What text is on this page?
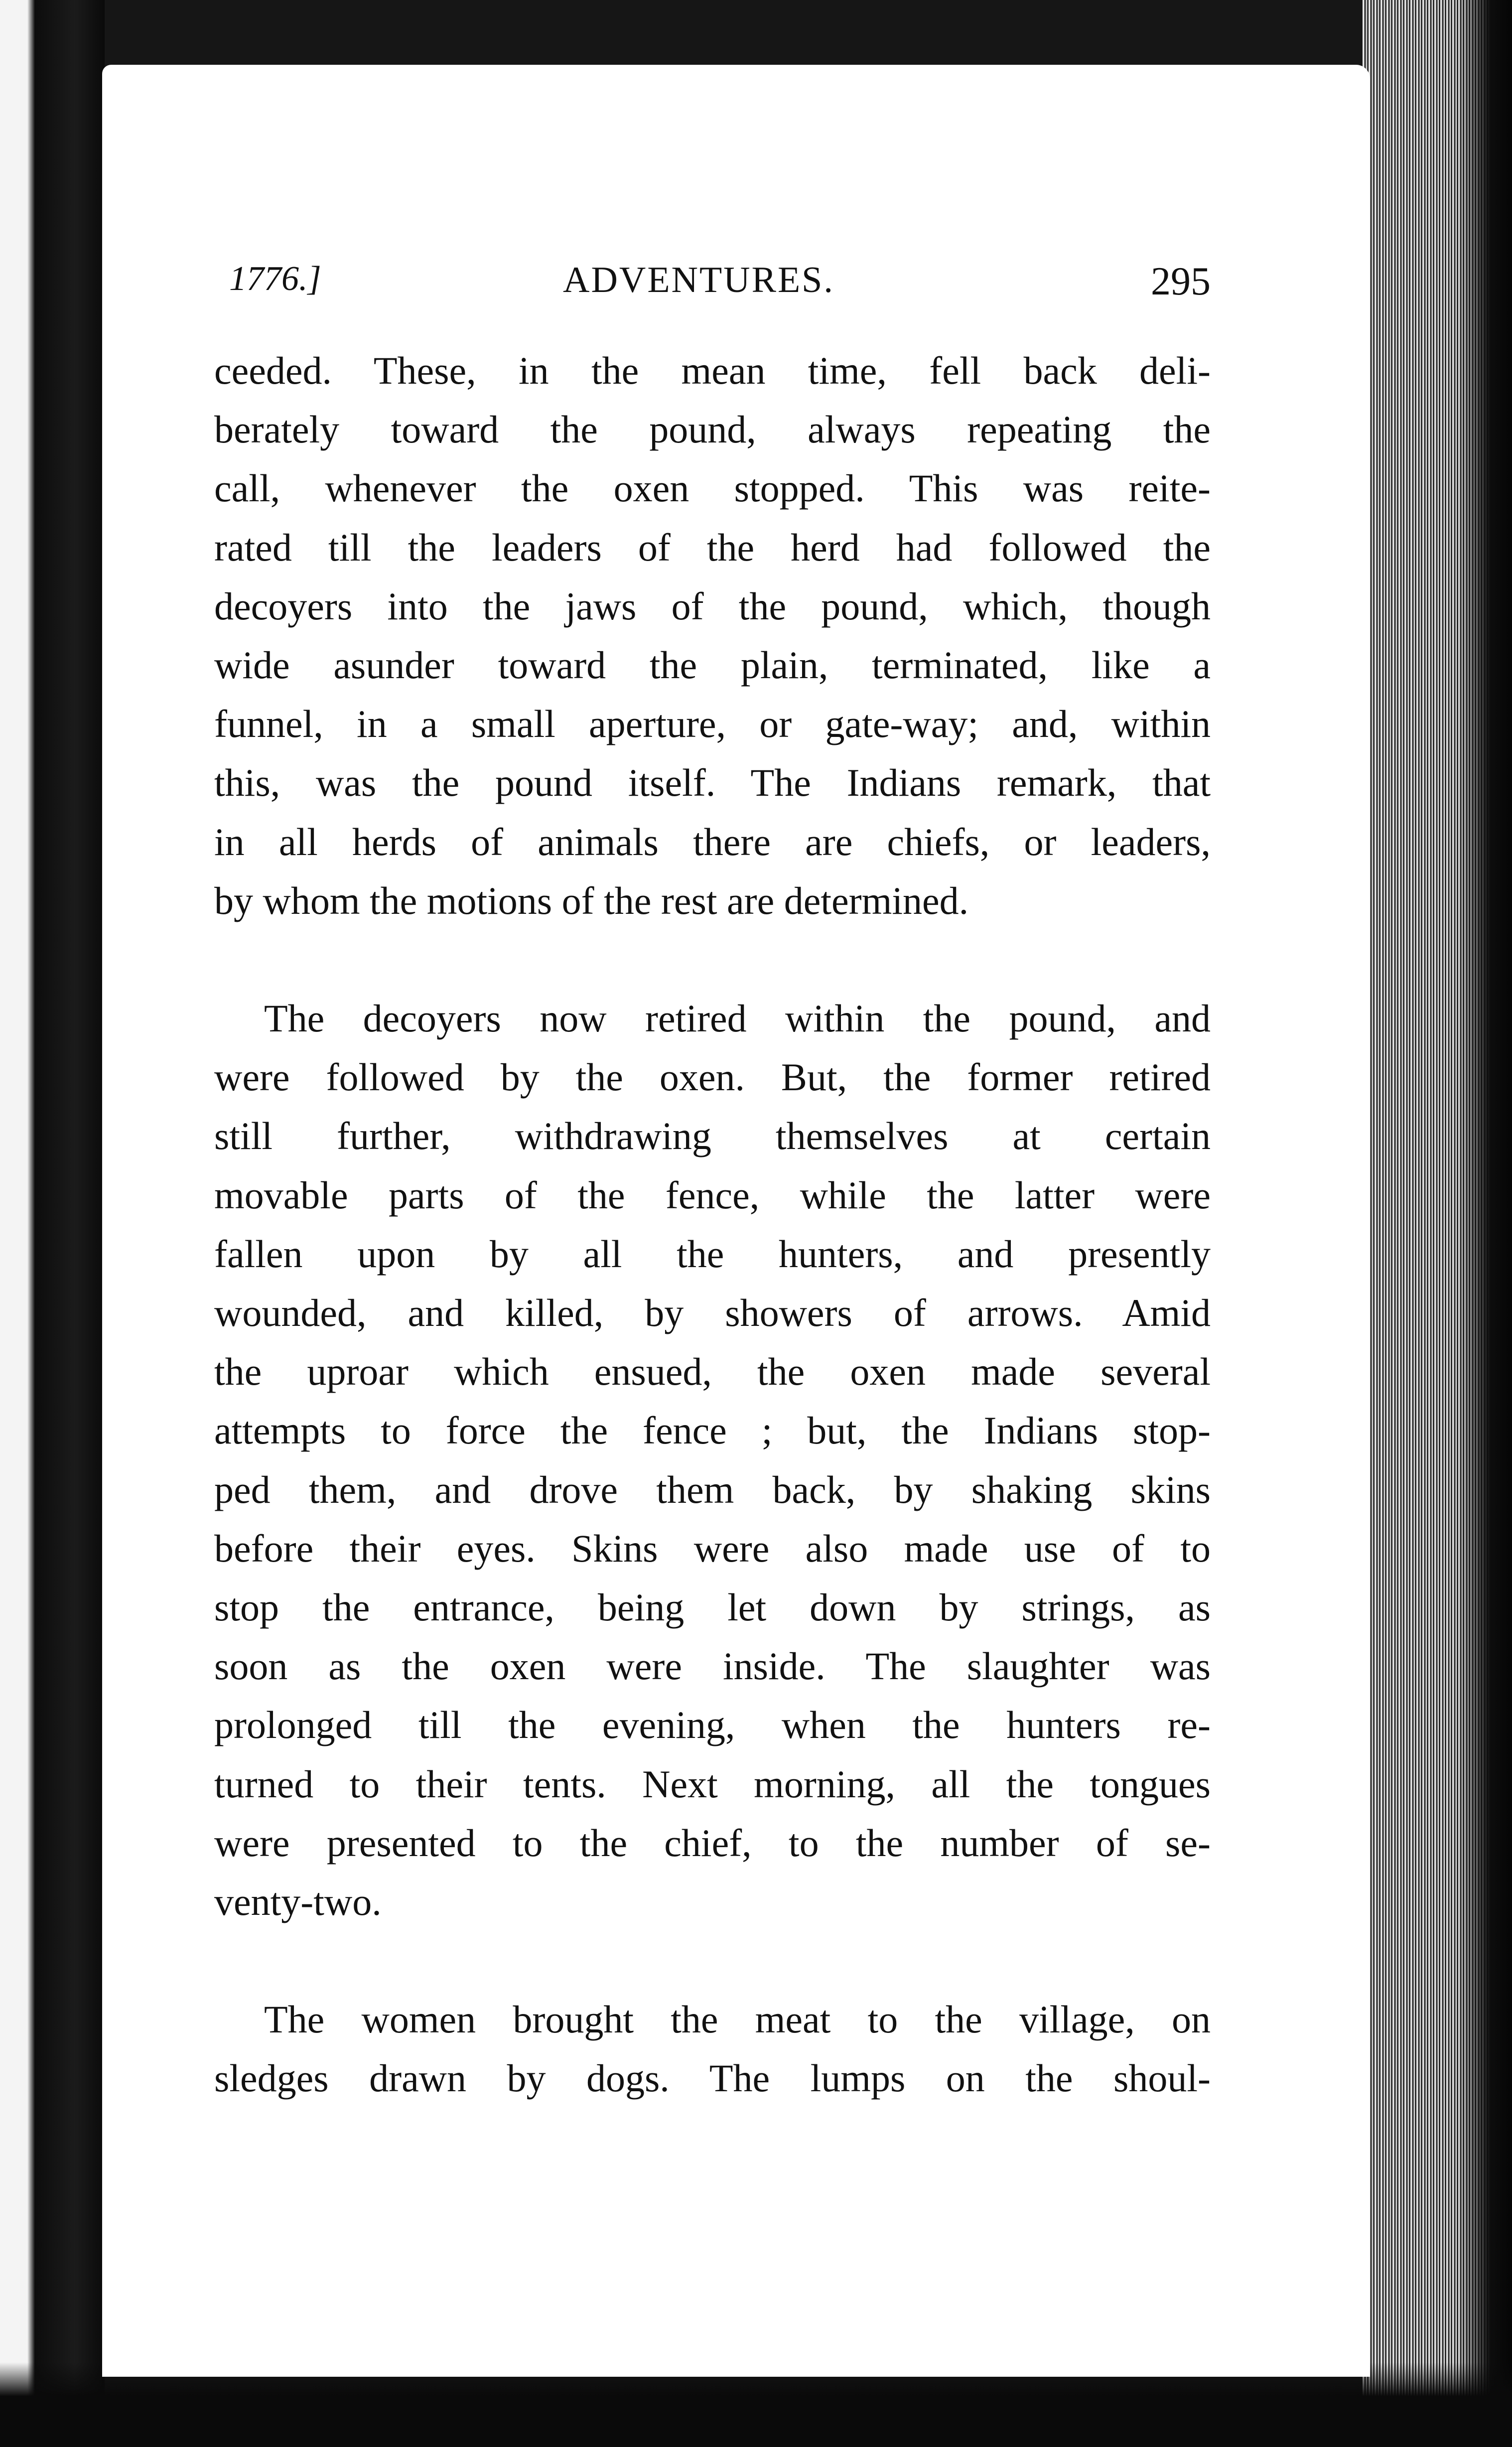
1776.]	ADVENTURES.	295

ceeded. These, in the mean time, fell back deli-
berately toward the pound, always repeating the
call, whenever the oxen stopped. This was reite-
rated till the leaders of the herd had followed the
decoyers into the jaws of the pound, which, though
wide asunder toward the plain, terminated, like a
funnel, in a small aperture, or gate-way; and, within
this, was the pound itself. The Indians remark, that
in all herds of animals there are chiefs, or leaders,
by whom the motions of the rest are determined.

The decoyers now retired within the pound, and
were followed by the oxen. But, the former retired
still further, withdrawing themselves at certain
movable parts of the fence, while the latter were
fallen upon by all the hunters, and presently
wounded, and killed, by showers of arrows. Amid
the uproar which ensued, the oxen made several
attempts to force the fence ; but, the Indians stop-
ped them, and drove them back, by shaking skins
before their eyes. Skins were also made use of to
stop the entrance, being let down by strings, as
soon as the oxen were inside. The slaughter was
prolonged till the evening, when the hunters re-
turned to their tents. Next morning, all the tongues
were presented to the chief, to the number of se-
venty-two.

The women brought the meat to the village, on
sledges drawn by dogs. The lumps on the shoul-
